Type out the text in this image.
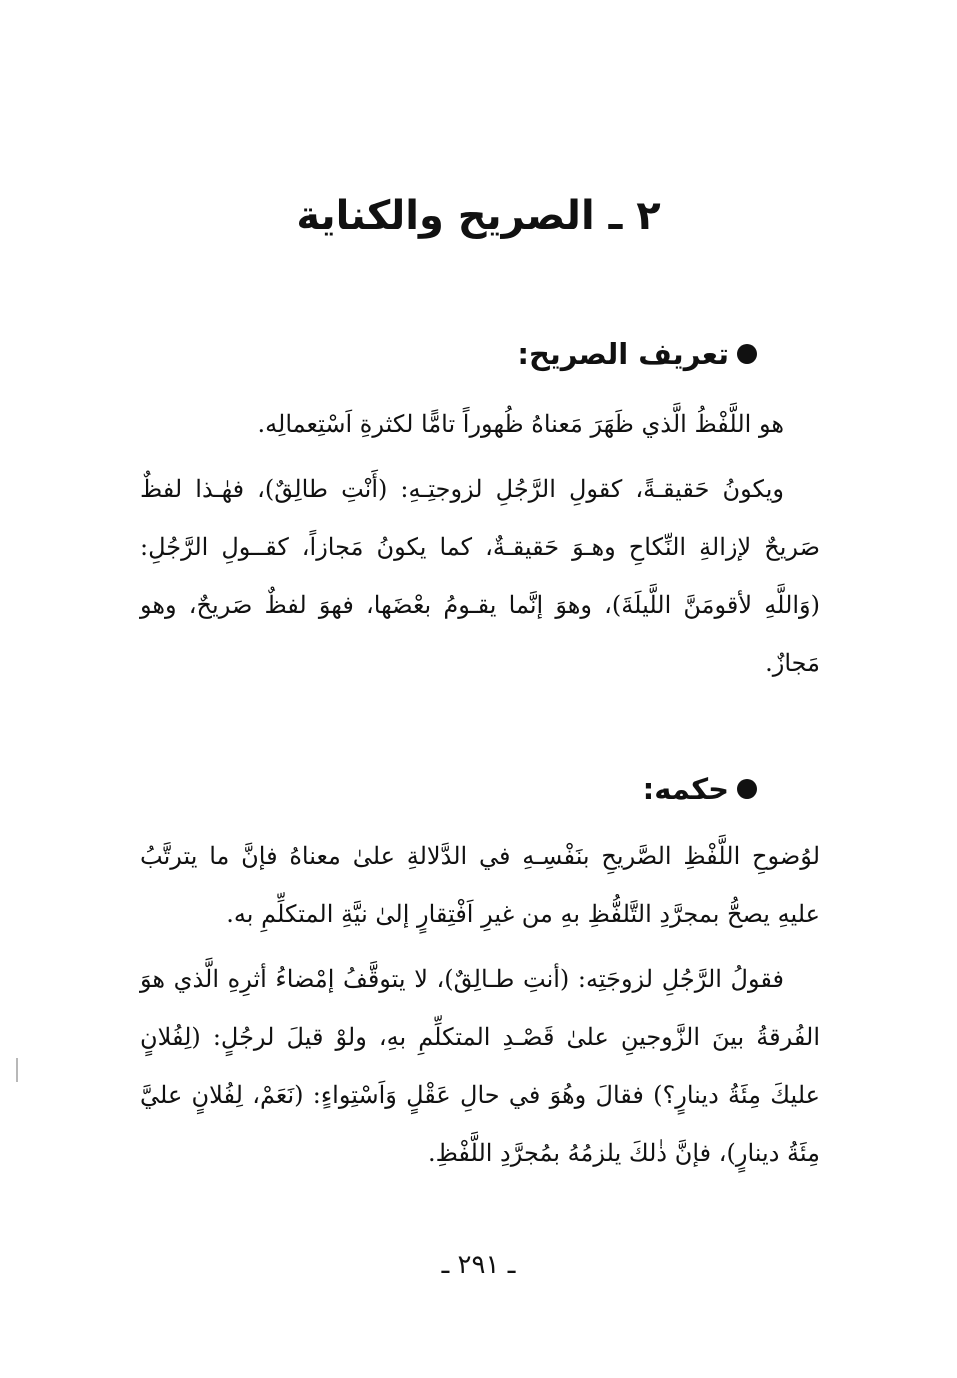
٢ ـ الصريح والكناية
تعريف الصريح:

هو اللَّفْظُ الَّذي ظَهَرَ مَعناهُ ظُهوراً تامًّا لكثرةِ اَسْتِعمالِه.

ويكونُ حَقيقـةً، كقولِ الرَّجُلِ لزوجتِـهِ: (أَنْتِ طالِقٌ)، فهٰـذا لفظٌ صَريحٌ لإزالةِ النِّكاحِ وهـوَ حَقيقـةٌ، كما يكونُ مَجازاً، كقــولِ الرَّجُلِ: (وَاللَّهِ لأقومَنَّ اللَّيلَةَ)، وهوَ إنَّما يقـومُ بعْضَها، فهوَ لفظٌ صَريحٌ، وهو مَجازٌ.

حكمه:

لوُضوحِ اللَّفْظِ الصَّريحِ بنَفْسِـهِ في الدَّلالةِ علىٰ معناهُ فإنَّ ما يترتَّبُ عليهِ يصحُّ بمجرَّدِ التَّلفُّظِ بهِ من غيرِ اَفْتِقارٍ إلىٰ نيَّةِ المتكلِّمِ به.

فقولُ الرَّجُلِ لزوجَتِه: (أنتِ طـالِقٌ)، لا يتوقَّفُ إمْضاءُ أثرِهِ الَّذي هوَ الفُرقةُ بينَ الزَّوجينِ علىٰ قَصْـدِ المتكلِّمِ بهِ، ولوْ قيلَ لرجُلٍ: (لِفُلانٍ عليكَ مِئَةُ دينارٍ؟) فقالَ وهُوَ في حالِ عَقْلٍ وَاَسْتِواءٍ: (نَعَمْ، لِفُلانٍ عليَّ مِئَةُ دينارٍ)، فإنَّ ذٰلكَ يلزمُهُ بمُجرَّدِ اللَّفْظِ.

ـ ٢٩١ ـ
